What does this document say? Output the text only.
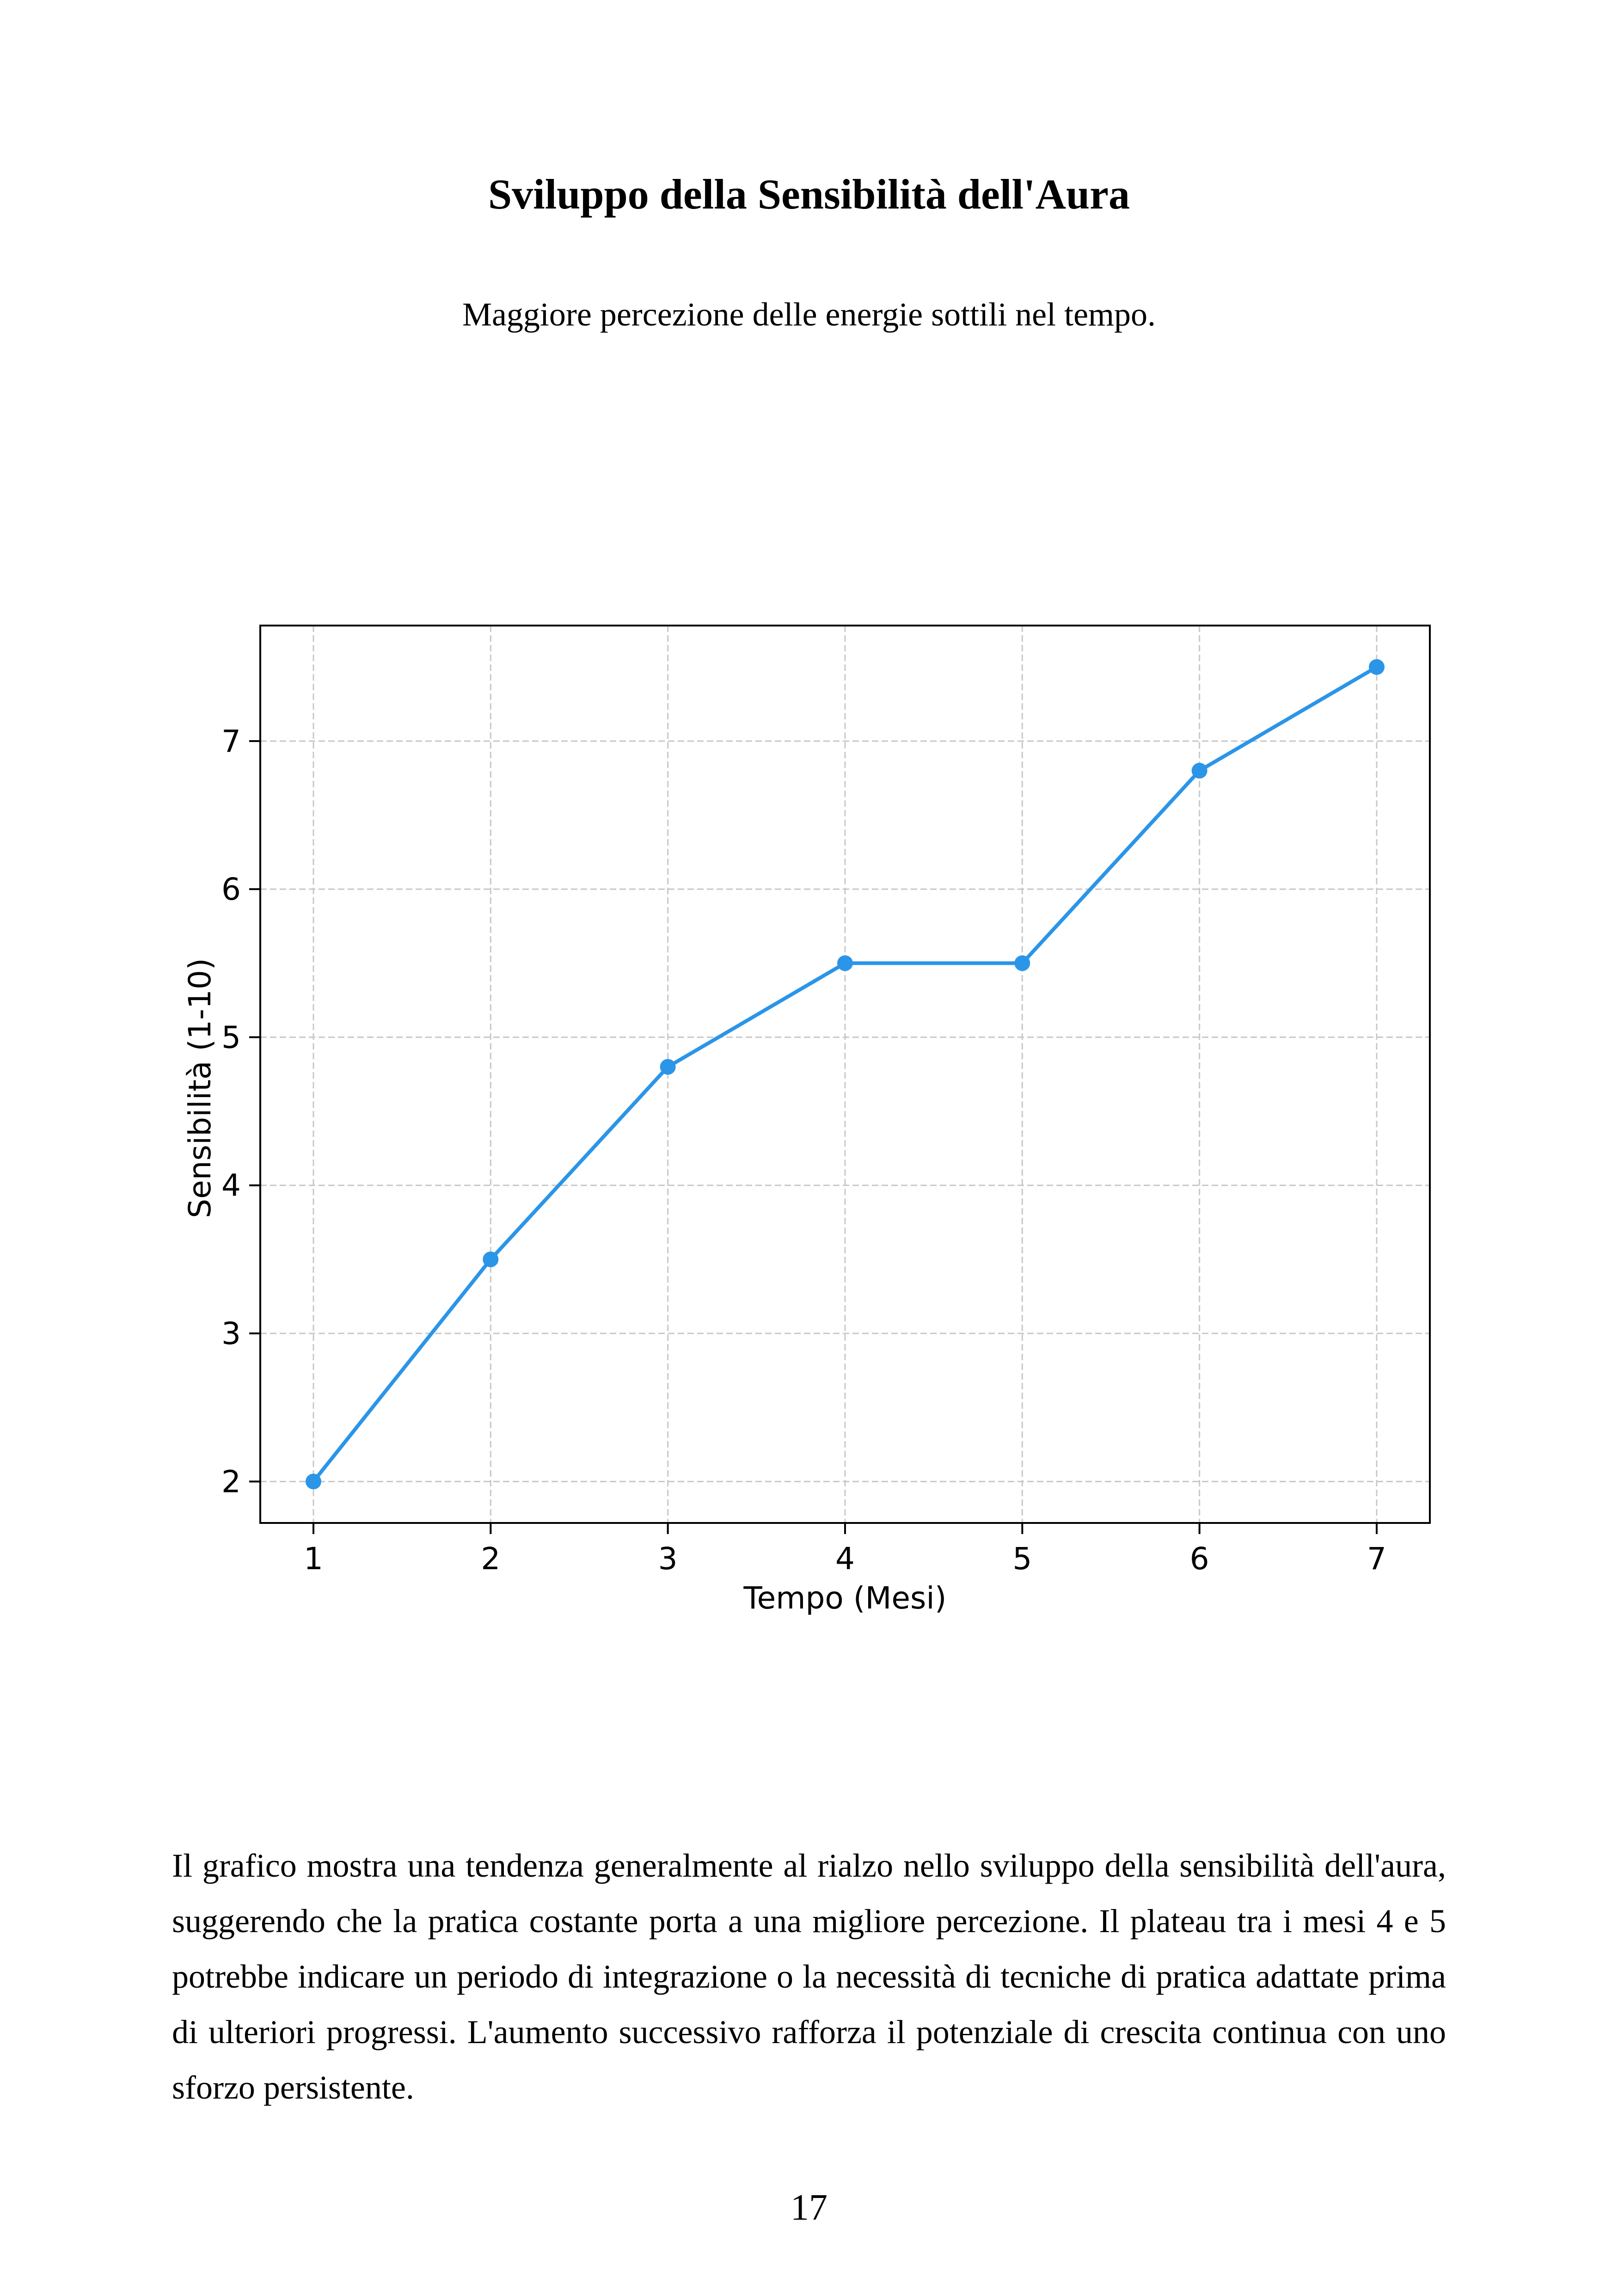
Sviluppo della Sensibilità dell'Aura

Maggiore percezione delle energie sottili nel tempo.

1	2	3	4	5	6	7
2
3
4
5
6
7
Tempo (Mesi)
Sensibilità (1-10)

Il grafico mostra una tendenza generalmente al rialzo nello sviluppo della sensibilità dell'aura, suggerendo che la pratica costante porta a una migliore percezione. Il plateau tra i mesi 4 e 5 potrebbe indicare un periodo di integrazione o la necessità di tecniche di pratica adattate prima di ulteriori progressi. L'aumento successivo rafforza il potenziale di crescita continua con uno sforzo persistente.

17
